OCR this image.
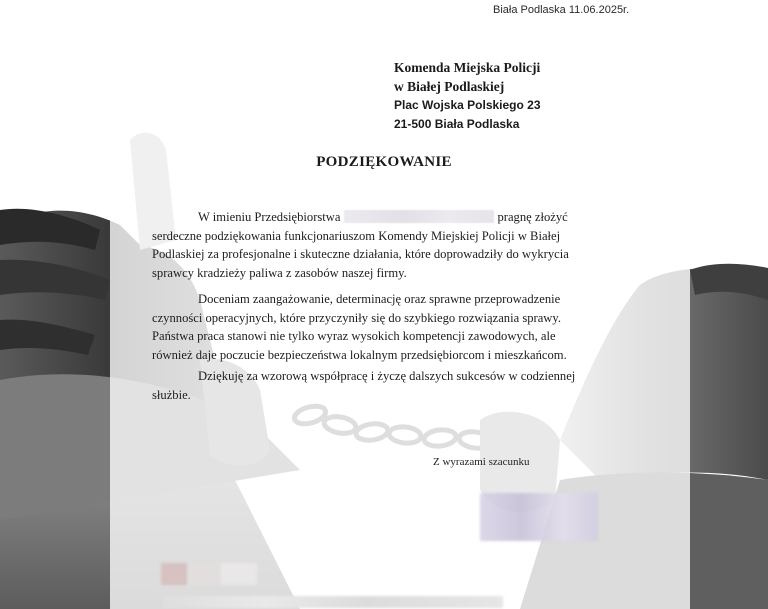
Biała Podlaska 11.06.2025r.
Komenda Miejska Policji
w Białej Podlaskiej
Plac Wojska Polskiego 23
21-500 Biała Podlaska
PODZIĘKOWANIE
W imieniu Przedsiębiorstwa	pragnę złożyć
serdeczne podziękowania funkcjonariuszom Komendy Miejskiej Policji w Białej
Podlaskiej za profesjonalne i skuteczne działania, które doprowadziły do wykrycia
sprawcy kradzieży paliwa z zasobów naszej firmy.
Doceniam zaangażowanie, determinację oraz sprawne przeprowadzenie
czynności operacyjnych, które przyczyniły się do szybkiego rozwiązania sprawy.
Państwa praca stanowi nie tylko wyraz wysokich kompetencji zawodowych, ale
również daje poczucie bezpieczeństwa lokalnym przedsiębiorcom i mieszkańcom.
Dziękuję za wzorową współpracę i życzę dalszych sukcesów w codziennej
służbie.
Z wyrazami szacunku
